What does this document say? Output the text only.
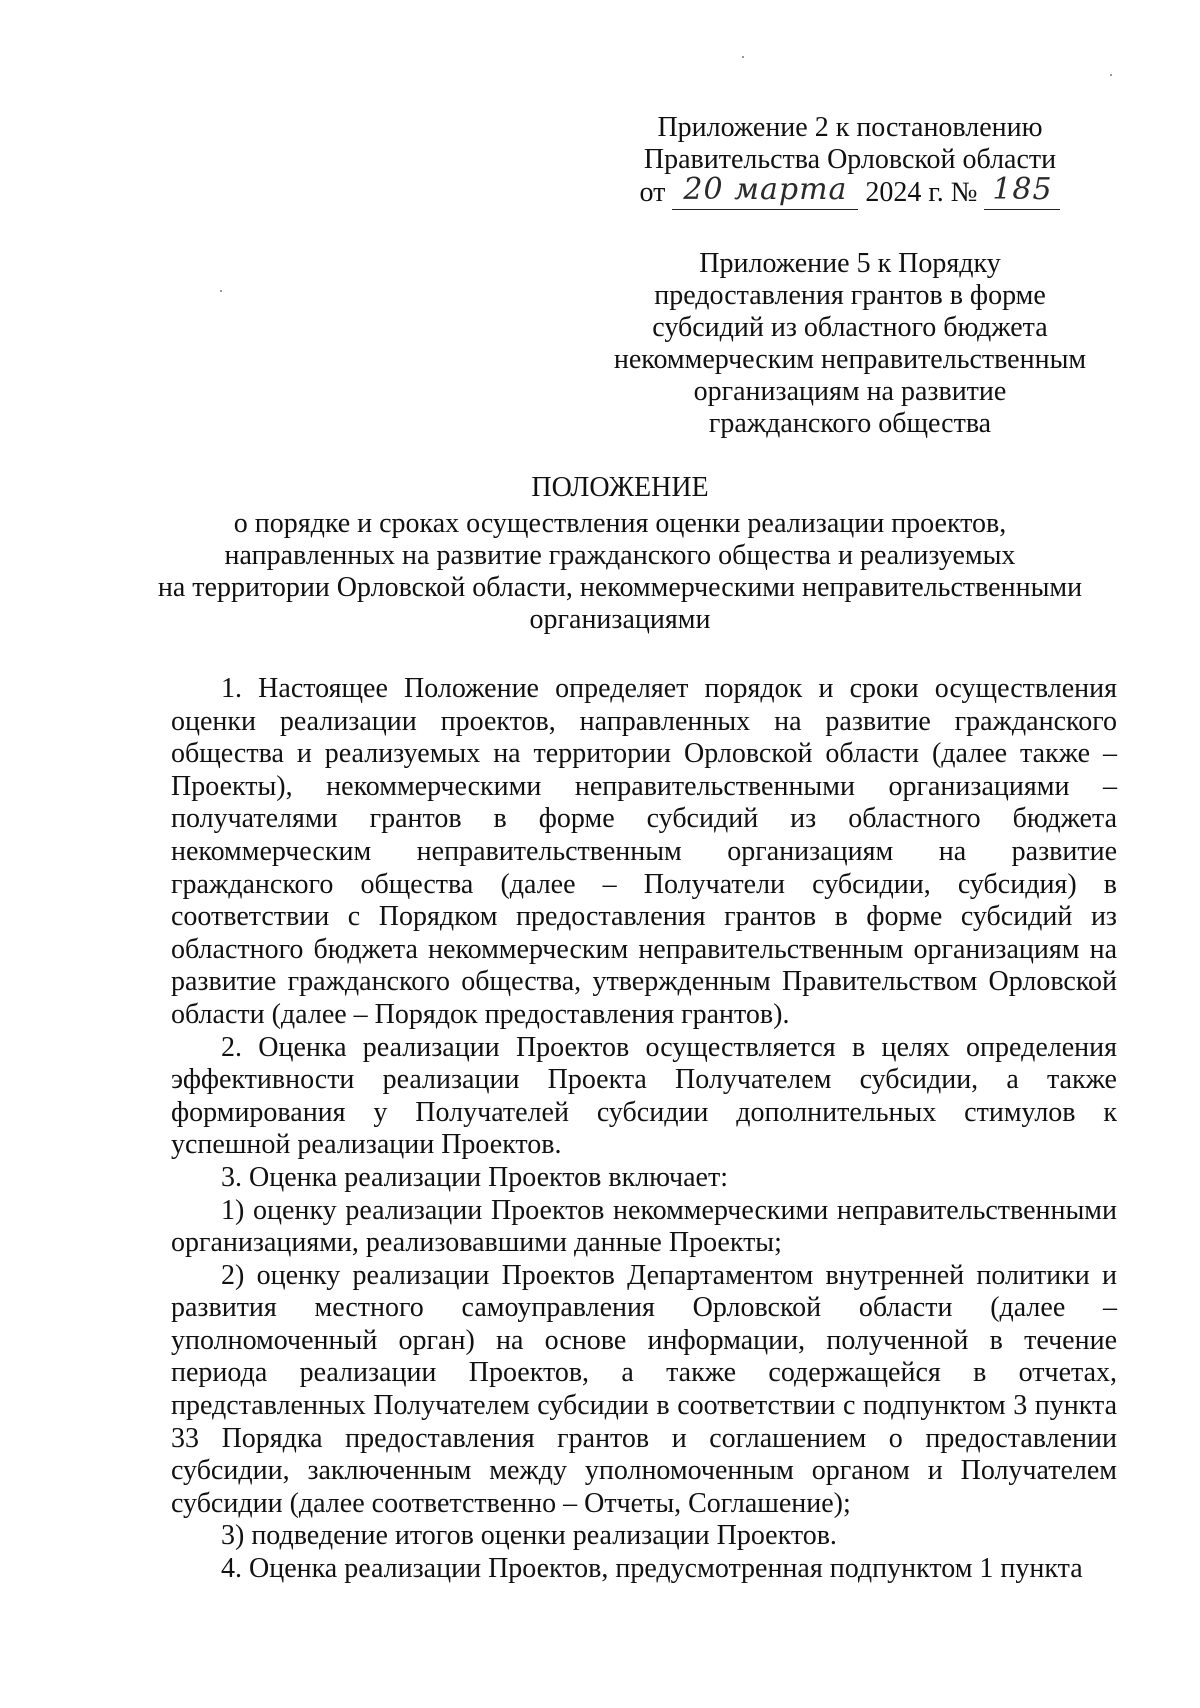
Приложение 2 к постановлению
Правительства Орловской области
от 20 марта 2024 г. № 185
Приложение 5 к Порядку
предоставления грантов в форме
субсидий из областного бюджета
некоммерческим неправительственным
организациям на развитие
гражданского общества
ПОЛОЖЕНИЕ
о порядке и сроках осуществления оценки реализации проектов,
направленных на развитие гражданского общества и реализуемых
на территории Орловской области, некоммерческими неправительственными
организациями

1. Настоящее Положение определяет порядок и сроки осуществления оценки реализации проектов, направленных на развитие гражданского общества и реализуемых на территории Орловской области (далее также – Проекты), некоммерческими неправительственными организациями – получателями грантов в форме субсидий из областного бюджета некоммерческим неправительственным организациям на развитие гражданского общества (далее – Получатели субсидии, субсидия) в соответствии с Порядком предоставления грантов в форме субсидий из областного бюджета некоммерческим неправительственным организациям на развитие гражданского общества, утвержденным Правительством Орловской области (далее – Порядок предоставления грантов).

2. Оценка реализации Проектов осуществляется в целях определения эффективности реализации Проекта Получателем субсидии, а также формирования у Получателей субсидии дополнительных стимулов к успешной реализации Проектов.

3. Оценка реализации Проектов включает:

1) оценку реализации Проектов некоммерческими неправительственными организациями, реализовавшими данные Проекты;

2) оценку реализации Проектов Департаментом внутренней политики и развития местного самоуправления Орловской области (далее – уполномоченный орган) на основе информации, полученной в течение периода реализации Проектов, а также содержащейся в отчетах, представленных Получателем субсидии в соответствии с подпунктом 3 пункта 33 Порядка предоставления грантов и соглашением о предоставлении субсидии, заключенным между уполномоченным органом и Получателем субсидии (далее соответственно – Отчеты, Соглашение);

3) подведение итогов оценки реализации Проектов.

4. Оценка реализации Проектов, предусмотренная подпунктом 1 пункта
